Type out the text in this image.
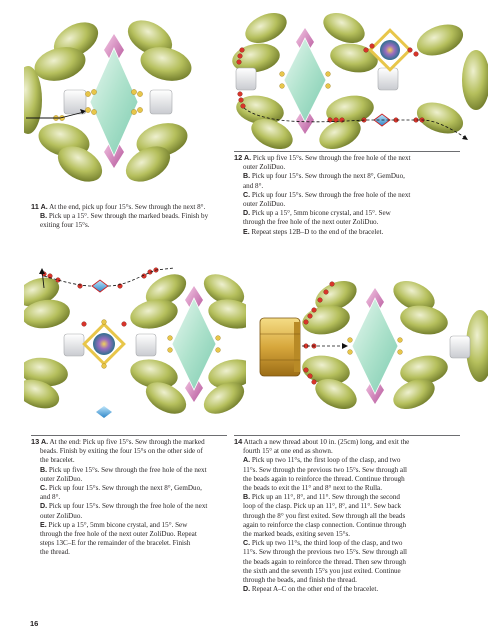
11 A. At the end, pick up four 15°s. Sew through the next 8°.

B. Pick up a 15°. Sew through the marked beads. Finish by

exiting four 15°s.

12 A. Pick up five 15°s. Sew through the free hole of the next

outer ZoliDuo.

B. Pick up four 15°s. Sew through the next 8°, GemDuo,

and 8°.

C. Pick up four 15°s. Sew through the free hole of the next

outer ZoliDuo.

D. Pick up a 15°, 5mm bicone crystal, and 15°. Sew

through the free hole of the next outer ZoliDuo.

E. Repeat steps 12B–D to the end of the bracelet.

13 A. At the end: Pick up five 15°s. Sew through the marked

beads. Finish by exiting the four 15°s on the other side of

the bracelet.

B. Pick up five 15°s. Sew through the free hole of the next

outer ZoliDuo.

C. Pick up four 15°s. Sew through the next 8°, GemDuo,

and 8°.

D. Pick up four 15°s. Sew through the free hole of the next

outer ZoliDuo.

E. Pick up a 15°, 5mm bicone crystal, and 15°. Sew

through the free hole of the next outer ZoliDuo. Repeat

steps 13C–E for the remainder of the bracelet. Finish

the thread.

14 Attach a new thread about 10 in. (25cm) long, and exit the

fourth 15° at one end as shown.

A. Pick up two 11°s, the first loop of the clasp, and two

11°s. Sew through the previous two 15°s. Sew through all

the beads again to reinforce the thread. Continue through

the beads to exit the 11° and 8° next to the Rulla.

B. Pick up an 11°, 8°, and 11°. Sew through the second

loop of the clasp. Pick up an 11°, 8°, and 11°. Sew back

through the 8° you first exited. Sew through all the beads

again to reinforce the clasp connection. Continue through

the marked beads, exiting seven 15°s.

C. Pick up two 11°s, the third loop of the clasp, and two

11°s. Sew through the previous two 15°s. Sew through all

the beads again to reinforce the thread. Then sew through

the sixth and the seventh 15°s you just exited. Continue

through the beads, and finish the thread.

D. Repeat A–C on the other end of the bracelet.

16
